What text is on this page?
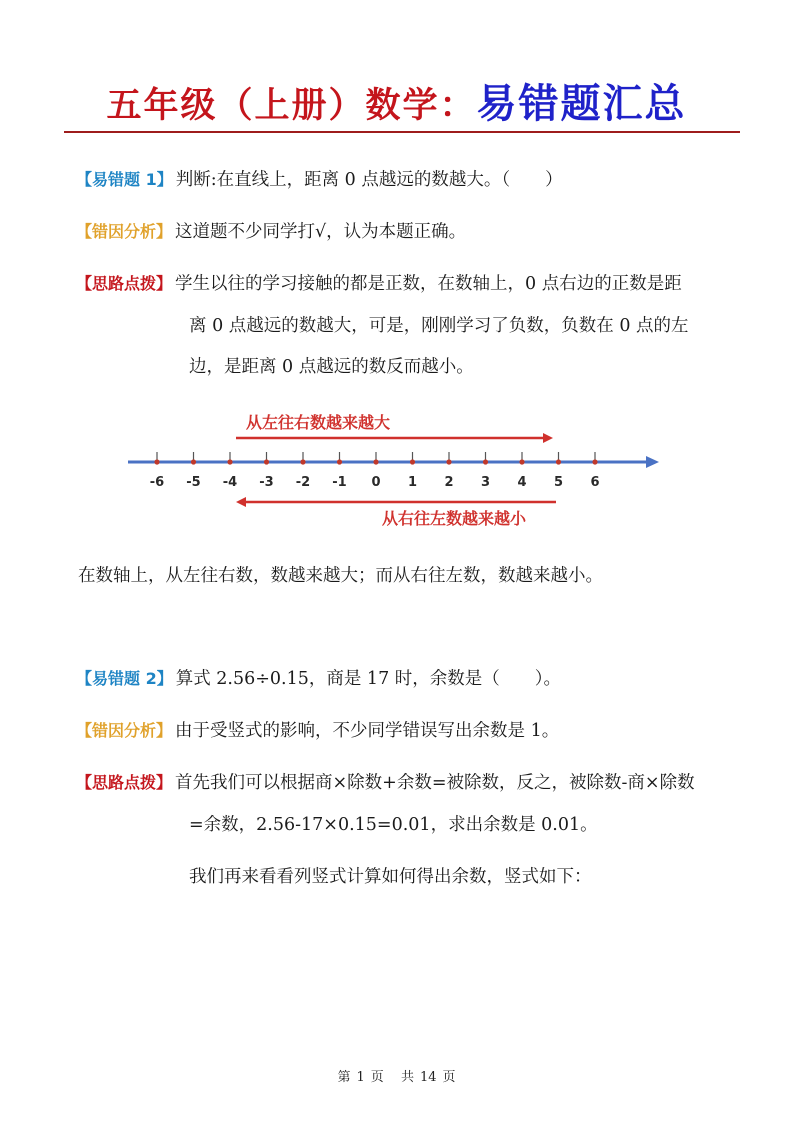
五年级（上册）数学：易错题汇总
【易错题 1】 判断:在直线上，距离 0 点越远的数越大。（　　）
【错因分析】 这道题不少同学打√，认为本题正确。
【思路点拨】 学生以往的学习接触的都是正数，在数轴上，0 点右边的正数是距
离 0 点越远的数越大，可是，刚刚学习了负数，负数在 0 点的左
边，是距离 0 点越远的数反而越小。
从左往右数越来越大
-6 -5 -4 -3 -2 -1 0 1 2 3 4 5 6
从右往左数越来越小
在数轴上，从左往右数，数越来越大；而从右往左数，数越来越小。
【易错题 2】 算式 2.56÷0.15，商是 17 时，余数是（　　）。
【错因分析】 由于受竖式的影响，不少同学错误写出余数是 1。
【思路点拨】 首先我们可以根据商×除数+余数=被除数，反之，被除数-商×除数
=余数，2.56-17×0.15=0.01，求出余数是 0.01。
我们再来看看列竖式计算如何得出余数，竖式如下：
第 1 页 共 14 页
